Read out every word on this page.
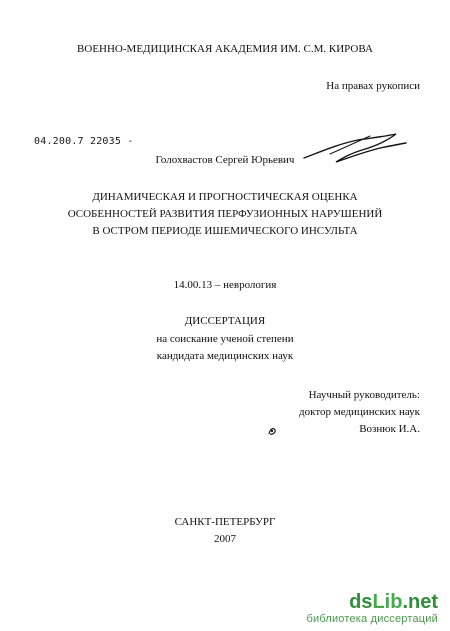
ВОЕННО-МЕДИЦИНСКАЯ АКАДЕМИЯ ИМ. С.М. КИРОВА
На правах рукописи
04.200.7 22035 -
Голохвастов Сергей Юрьевич
ДИНАМИЧЕСКАЯ И ПРОГНОСТИЧЕСКАЯ ОЦЕНКА
ОСОБЕННОСТЕЙ РАЗВИТИЯ ПЕРФУЗИОННЫХ НАРУШЕНИЙ
В ОСТРОМ ПЕРИОДЕ ИШЕМИЧЕСКОГО ИНСУЛЬТА
14.00.13 – неврология
ДИССЕРТАЦИЯ
на соискание ученой степени
кандидата медицинских наук
Научный руководитель:
доктор медицинских наук
Вознюк И.А.
САНКТ-ПЕТЕРБУРГ
2007
dsLib.net
библиотека диссертаций
